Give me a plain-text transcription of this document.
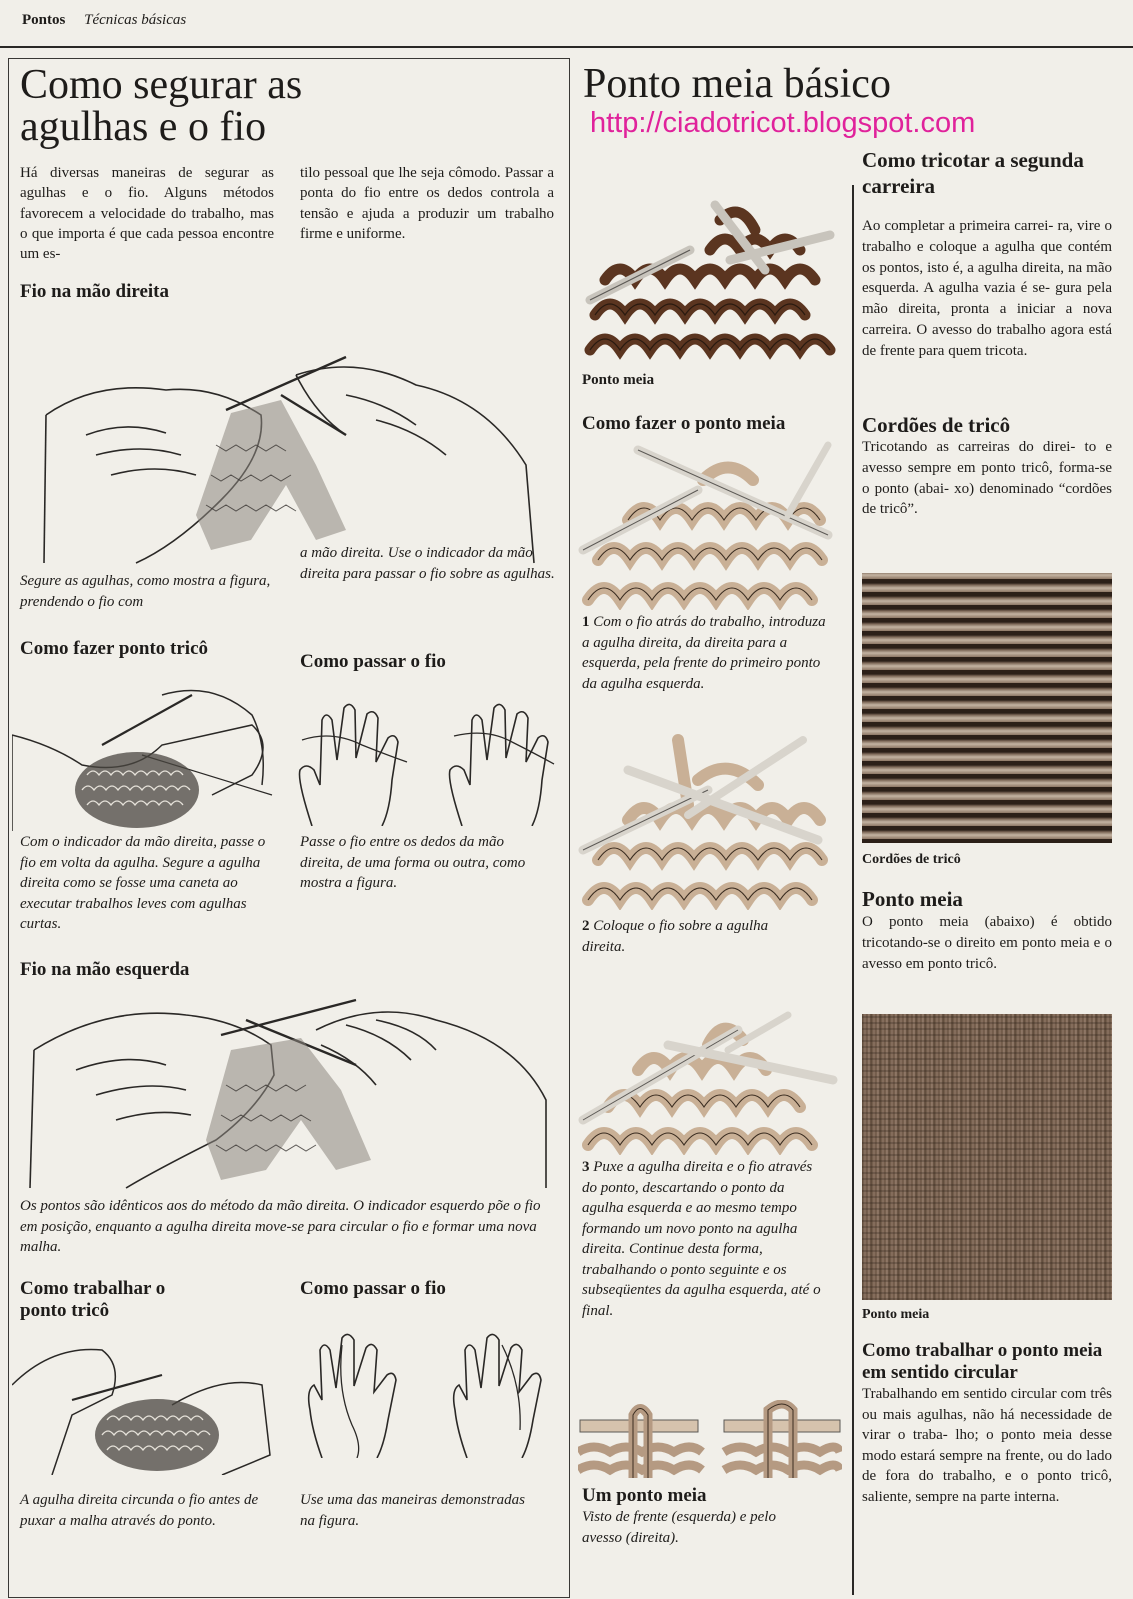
Pontos Técnicas básicas
Como segurar as
agulhas e o fio

Há diversas maneiras de segurar as agulhas e o fio. Alguns métodos favorecem a velocidade do trabalho, mas o que importa é que cada pessoa encontre um es-

tilo pessoal que lhe seja cômodo. Passar a ponta do fio entre os dedos controla a tensão e ajuda a produzir um trabalho firme e uniforme.

Fio na mão direita

Segure as agulhas, como mostra a figura, prendendo o fio com

a mão direita. Use o indicador da mão direita para passar o fio sobre as agulhas.

Como fazer ponto tricô
Como passar o fio

Com o indicador da mão direita, passe o fio em volta da agulha. Segure a agulha direita como se fosse uma caneta ao executar trabalhos leves com agulhas curtas.

Passe o fio entre os dedos da mão direita, de uma forma ou outra, como mostra a figura.

Fio na mão esquerda

Os pontos são idênticos aos do método da mão direita. O indicador esquerdo põe o fio em posição, enquanto a agulha direita move-se para circular o fio e formar uma nova malha.

Como trabalhar o
ponto tricô
Como passar o fio

A agulha direita circunda o fio antes de puxar a malha através do ponto.

Use uma das maneiras demonstradas na figura.

Ponto meia básico
http://ciadotricot.blogspot.com

Ponto meia

Como fazer o ponto meia

1 Com o fio atrás do trabalho, introduza a agulha direita, da direita para a esquerda, pela frente do primeiro ponto da agulha esquerda.

2 Coloque o fio sobre a agulha direita.

3 Puxe a agulha direita e o fio através do ponto, descartando o ponto da agulha esquerda e ao mesmo tempo formando um novo ponto na agulha direita. Continue desta forma, trabalhando o ponto seguinte e os subseqüentes da agulha esquerda, até o final.

Um ponto meia

Visto de frente (esquerda) e pelo avesso (direita).

Como tricotar a segunda carreira

Ao completar a primeira carrei- ra, vire o trabalho e coloque a agulha que contém os pontos, isto é, a agulha direita, na mão esquerda. A agulha vazia é se- gura pela mão direita, pronta a iniciar a nova carreira. O avesso do trabalho agora está de frente para quem tricota.

Cordões de tricô

Tricotando as carreiras do direi- to e avesso sempre em ponto tricô, forma-se o ponto (abai- xo) denominado “cordões de tricô”.

Cordões de tricô

Ponto meia

O ponto meia (abaixo) é obtido tricotando-se o direito em ponto meia e o avesso em ponto tricô.

Ponto meia

Como trabalhar o ponto meia em sentido circular

Trabalhando em sentido circular com três ou mais agulhas, não há necessidade de virar o traba- lho; o ponto meia desse modo estará sempre na frente, ou do lado de fora do trabalho, e o ponto tricô, saliente, sempre na parte interna.
